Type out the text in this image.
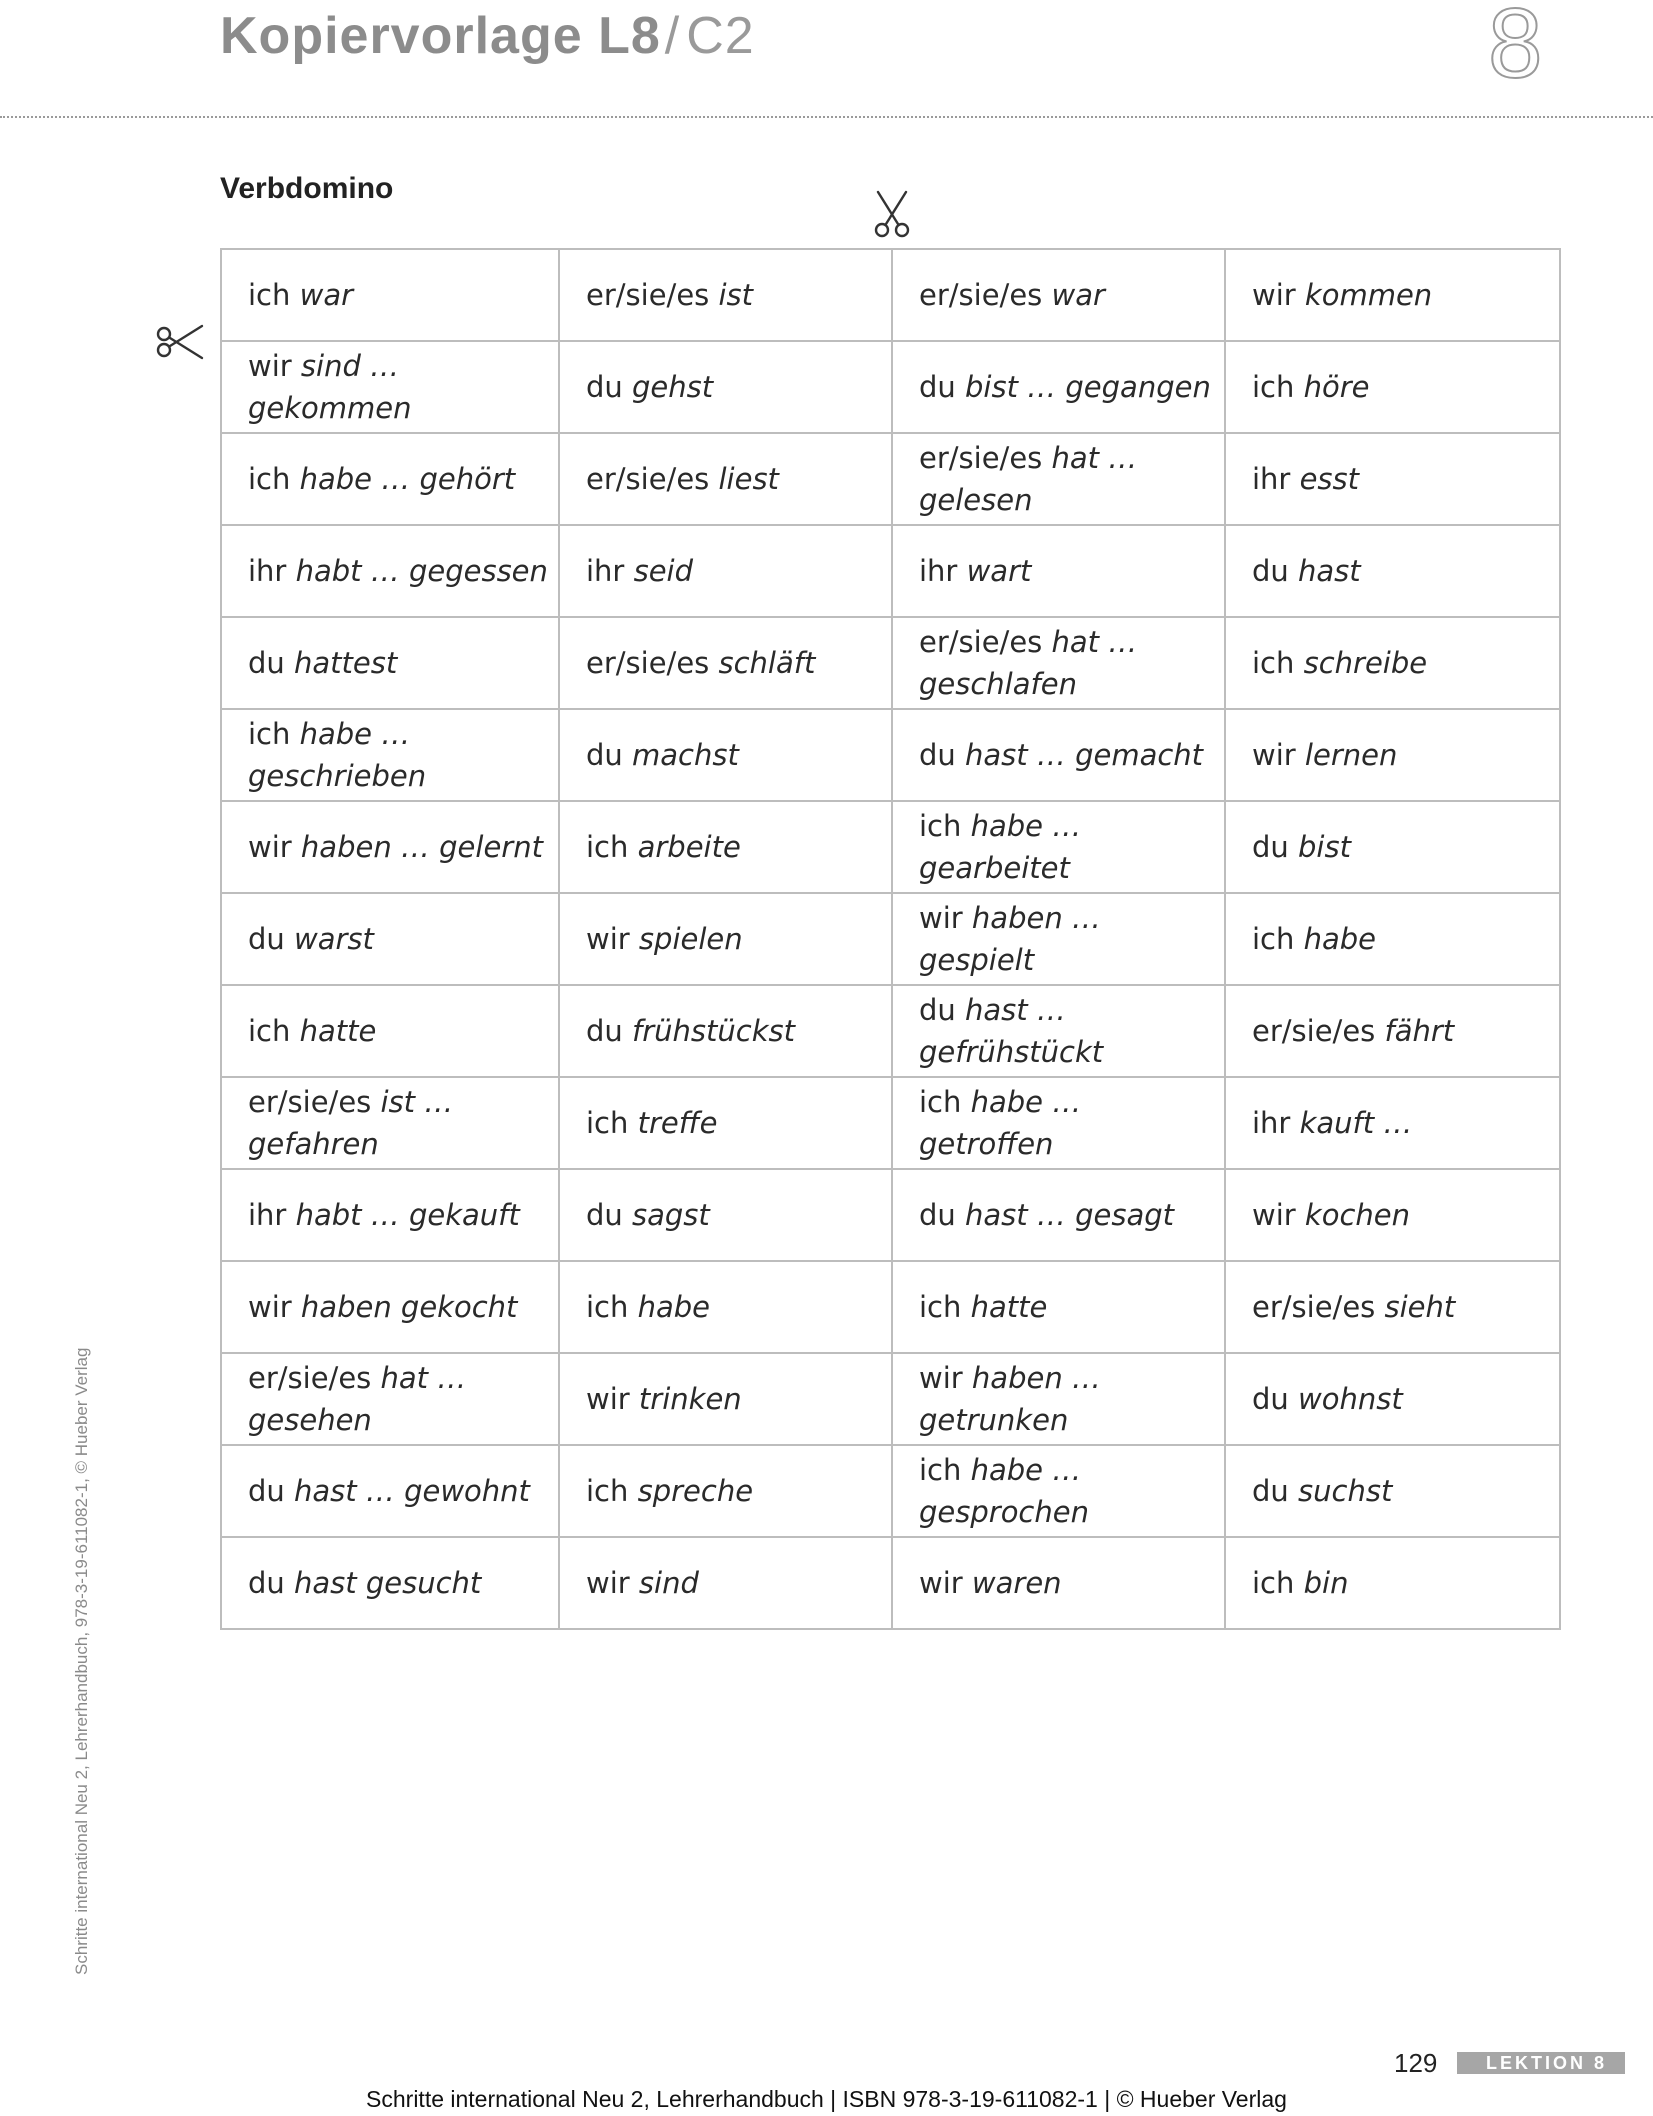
Kopiervorlage L8/ C2	8
Verbdomino
ich war	er/sie/es ist	er/sie/es war	wir kommen
wir sind … gekommen	du gehst	du bist … gegangen	ich höre
ich habe … gehört	er/sie/es liest	er/sie/es hat … gelesen	ihr esst
ihr habt … gegessen	ihr seid	ihr wart	du hast
du hattest	er/sie/es schläft	er/sie/es hat … geschlafen	ich schreibe
ich habe … geschrieben	du machst	du hast … gemacht	wir lernen
wir haben … gelernt	ich arbeite	ich habe … gearbeitet	du bist
du warst	wir spielen	wir haben … gespielt	ich habe
ich hatte	du frühstückst	du hast … gefrühstückt	er/sie/es fährt
er/sie/es ist … gefahren	ich treffe	ich habe … getroffen	ihr kauft …
ihr habt … gekauft	du sagst	du hast … gesagt	wir kochen
wir haben gekocht	ich habe	ich hatte	er/sie/es sieht
er/sie/es hat … gesehen	wir trinken	wir haben … getrunken	du wohnst
du hast … gewohnt	ich spreche	ich habe … gesprochen	du suchst
du hast gesucht	wir sind	wir waren	ich bin
Schritte international Neu 2, Lehrerhandbuch, 978-3-19-611082-1, © Hueber Verlag
129	LEKTION 8
Schritte international Neu 2, Lehrerhandbuch | ISBN 978-3-19-611082-1 | © Hueber Verlag
